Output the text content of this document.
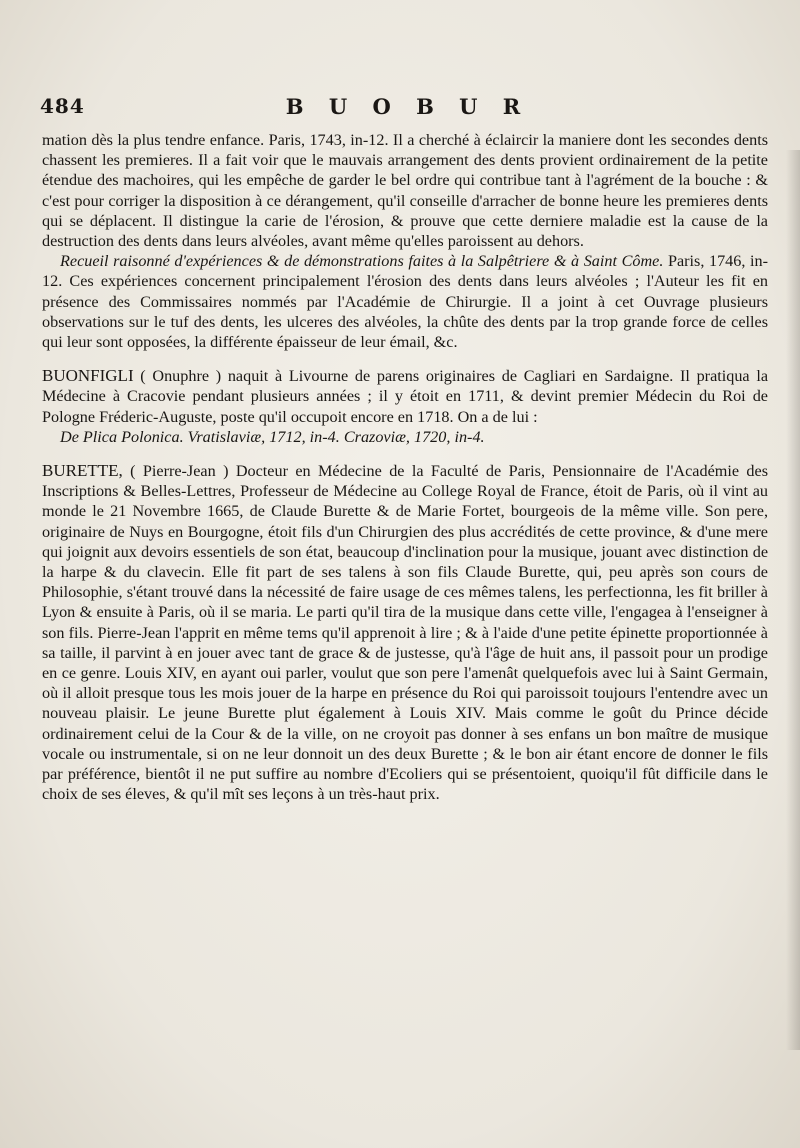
484	B U O B U R

mation dès la plus tendre enfance. Paris, 1743, in-12. Il a cherché à éclaircir la maniere dont les secondes dents chassent les premieres. Il a fait voir que le mauvais arrangement des dents provient ordinairement de la petite étendue des machoires, qui les empêche de garder le bel ordre qui contribue tant à l'agrément de la bouche : & c'est pour corriger la disposition à ce dérangement, qu'il conseille d'arracher de bonne heure les premieres dents qui se déplacent. Il distingue la carie de l'érosion, & prouve que cette derniere maladie est la cause de la destruction des dents dans leurs alvéoles, avant même qu'elles paroissent au dehors.

Recueil raisonné d'expériences & de démonstrations faites à la Salpêtriere & à Saint Côme. Paris, 1746, in-12. Ces expériences concernent principalement l'érosion des dents dans leurs alvéoles ; l'Auteur les fit en présence des Commissaires nommés par l'Académie de Chirurgie. Il a joint à cet Ouvrage plusieurs observations sur le tuf des dents, les ulceres des alvéoles, la chûte des dents par la trop grande force de celles qui leur sont opposées, la différente épaisseur de leur émail, &c.

BUONFIGLI ( Onuphre ) naquit à Livourne de parens originaires de Cagliari en Sardaigne. Il pratiqua la Médecine à Cracovie pendant plusieurs années ; il y étoit en 1711, & devint premier Médecin du Roi de Pologne Fréderic-Auguste, poste qu'il occupoit encore en 1718. On a de lui :

De Plica Polonica. Vratislaviæ, 1712, in-4. Crazoviæ, 1720, in-4.

BURETTE, ( Pierre-Jean ) Docteur en Médecine de la Faculté de Paris, Pensionnaire de l'Académie des Inscriptions & Belles-Lettres, Professeur de Médecine au College Royal de France, étoit de Paris, où il vint au monde le 21 Novembre 1665, de Claude Burette & de Marie Fortet, bourgeois de la même ville. Son pere, originaire de Nuys en Bourgogne, étoit fils d'un Chirurgien des plus accrédités de cette province, & d'une mere qui joignit aux devoirs essentiels de son état, beaucoup d'inclination pour la musique, jouant avec distinction de la harpe & du clavecin. Elle fit part de ses talens à son fils Claude Burette, qui, peu après son cours de Philosophie, s'étant trouvé dans la nécessité de faire usage de ces mêmes talens, les perfectionna, les fit briller à Lyon & ensuite à Paris, où il se maria. Le parti qu'il tira de la musique dans cette ville, l'engagea à l'enseigner à son fils. Pierre-Jean l'apprit en même tems qu'il apprenoit à lire ; & à l'aide d'une petite épinette proportionnée à sa taille, il parvint à en jouer avec tant de grace & de justesse, qu'à l'âge de huit ans, il passoit pour un prodige en ce genre. Louis XIV, en ayant oui parler, voulut que son pere l'amenât quelquefois avec lui à Saint Germain, où il alloit presque tous les mois jouer de la harpe en présence du Roi qui paroissoit toujours l'entendre avec un nouveau plaisir. Le jeune Burette plut également à Louis XIV. Mais comme le goût du Prince décide ordinairement celui de la Cour & de la ville, on ne croyoit pas donner à ses enfans un bon maître de musique vocale ou instrumentale, si on ne leur donnoit un des deux Burette ; & le bon air étant encore de donner le fils par préférence, bientôt il ne put suffire au nombre d'Ecoliers qui se présentoient, quoiqu'il fût difficile dans le choix de ses éleves, & qu'il mît ses leçons à un très-haut prix.
